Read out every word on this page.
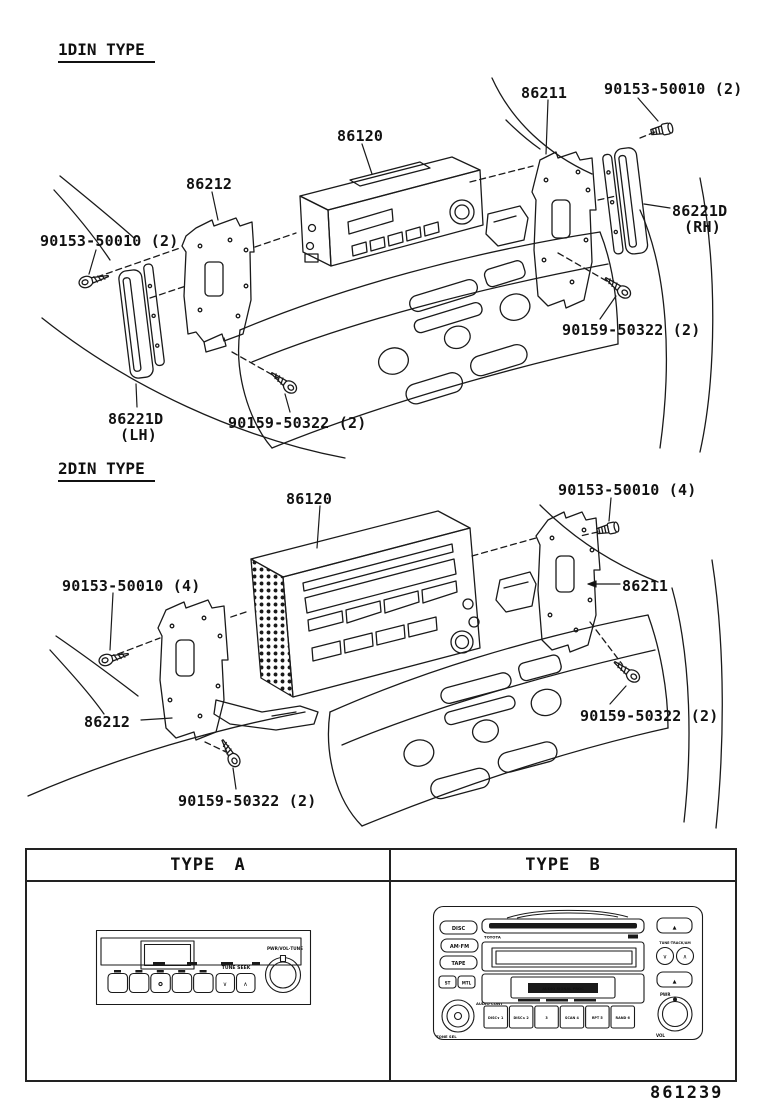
1DIN TYPE
2DIN TYPE
86211 90153-50010 (2)
86120
86212
86221D
(RH)
90153-50010 (2)
90159-50322 (2)
86221D
(LH)
90159-50322 (2)
86120	90153-50010 (4)
90153-50010 (4)	86211
86212	90159-50322 (2)
90159-50322 (2)
TYPE A	TYPE B
PWR/VOL·TUNE
TUNE SEEK
∨	∧
DISC
AM·FM
TAPE
ST	MTL
AUDIO CONT
TONE SEL
TOYOTA
AUDIO SIGNAL PROC
DISC∨ 1	DISC∧ 2	3	SCAN 4	RPT 5	RAND 6
▲
TUNE·TRACK/AM
∨	∧
▲
PWR
VOL
861239
